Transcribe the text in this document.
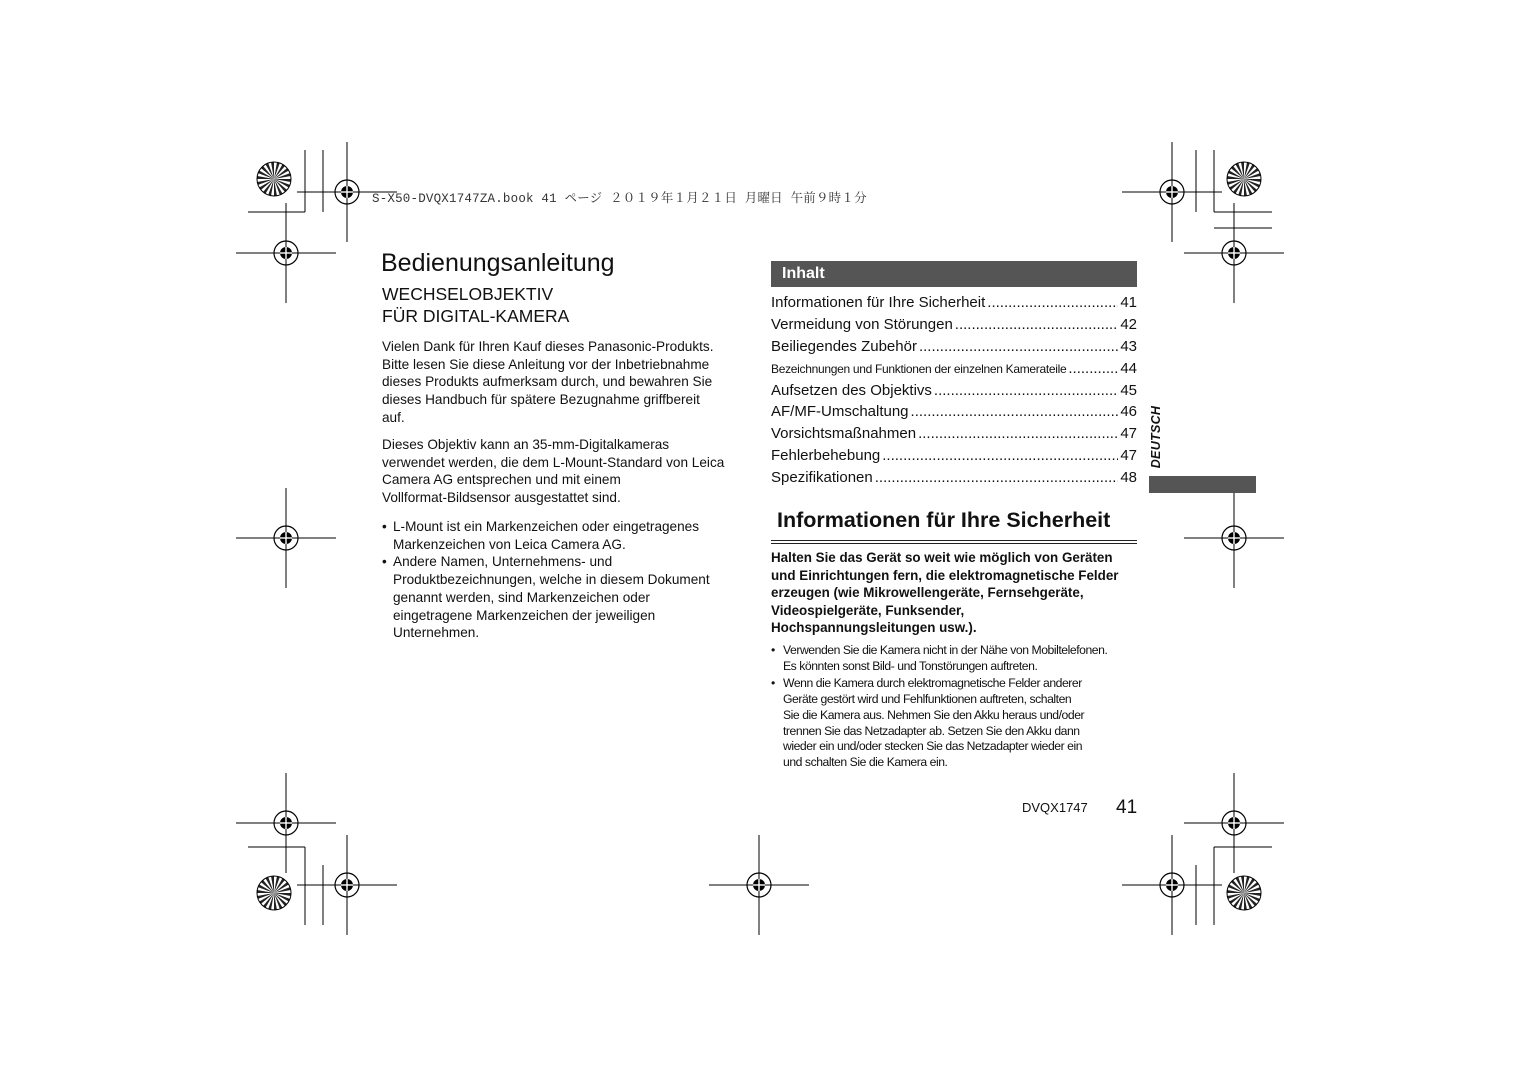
S-X50-DVQX1747ZA.book 41 ページ ２０１９年１月２１日 月曜日 午前９時１分
Bedienungsanleitung
WECHSELOBJEKTIV
FÜR DIGITAL-KAMERA
Vielen Dank für Ihren Kauf dieses Panasonic-Produkts.
Bitte lesen Sie diese Anleitung vor der Inbetriebnahme
dieses Produkts aufmerksam durch, und bewahren Sie
dieses Handbuch für spätere Bezugnahme griffbereit
auf.
Dieses Objektiv kann an 35-mm-Digitalkameras
verwendet werden, die dem L-Mount-Standard von Leica
Camera AG entsprechen und mit einem
Vollformat-Bildsensor ausgestattet sind.
• L-Mount ist ein Markenzeichen oder eingetragenes
Markenzeichen von Leica Camera AG.
• Andere Namen, Unternehmens- und
Produktbezeichnungen, welche in diesem Dokument
genannt werden, sind Markenzeichen oder
eingetragene Markenzeichen der jeweiligen
Unternehmen.
Inhalt
Informationen für Ihre Sicherheit .....	41
Vermeidung von Störungen .....	42
Beiliegendes Zubehör .....	43
Bezeichnungen und Funktionen der einzelnen Kamerateile .....	44
Aufsetzen des Objektivs .....	45
AF/MF-Umschaltung .....	46
Vorsichtsmaßnahmen .....	47
Fehlerbehebung .....	47
Spezifikationen .....	48
DEUTSCH
Informationen für Ihre Sicherheit
Halten Sie das Gerät so weit wie möglich von Geräten
und Einrichtungen fern, die elektromagnetische Felder
erzeugen (wie Mikrowellengeräte, Fernsehgeräte,
Videospielgeräte, Funksender,
Hochspannungsleitungen usw.).
• Verwenden Sie die Kamera nicht in der Nähe von Mobiltelefonen.
Es könnten sonst Bild- und Tonstörungen auftreten.
• Wenn die Kamera durch elektromagnetische Felder anderer
Geräte gestört wird und Fehlfunktionen auftreten, schalten
Sie die Kamera aus. Nehmen Sie den Akku heraus und/oder
trennen Sie das Netzadapter ab. Setzen Sie den Akku dann
wieder ein und/oder stecken Sie das Netzadapter wieder ein
und schalten Sie die Kamera ein.
DVQX1747 41
